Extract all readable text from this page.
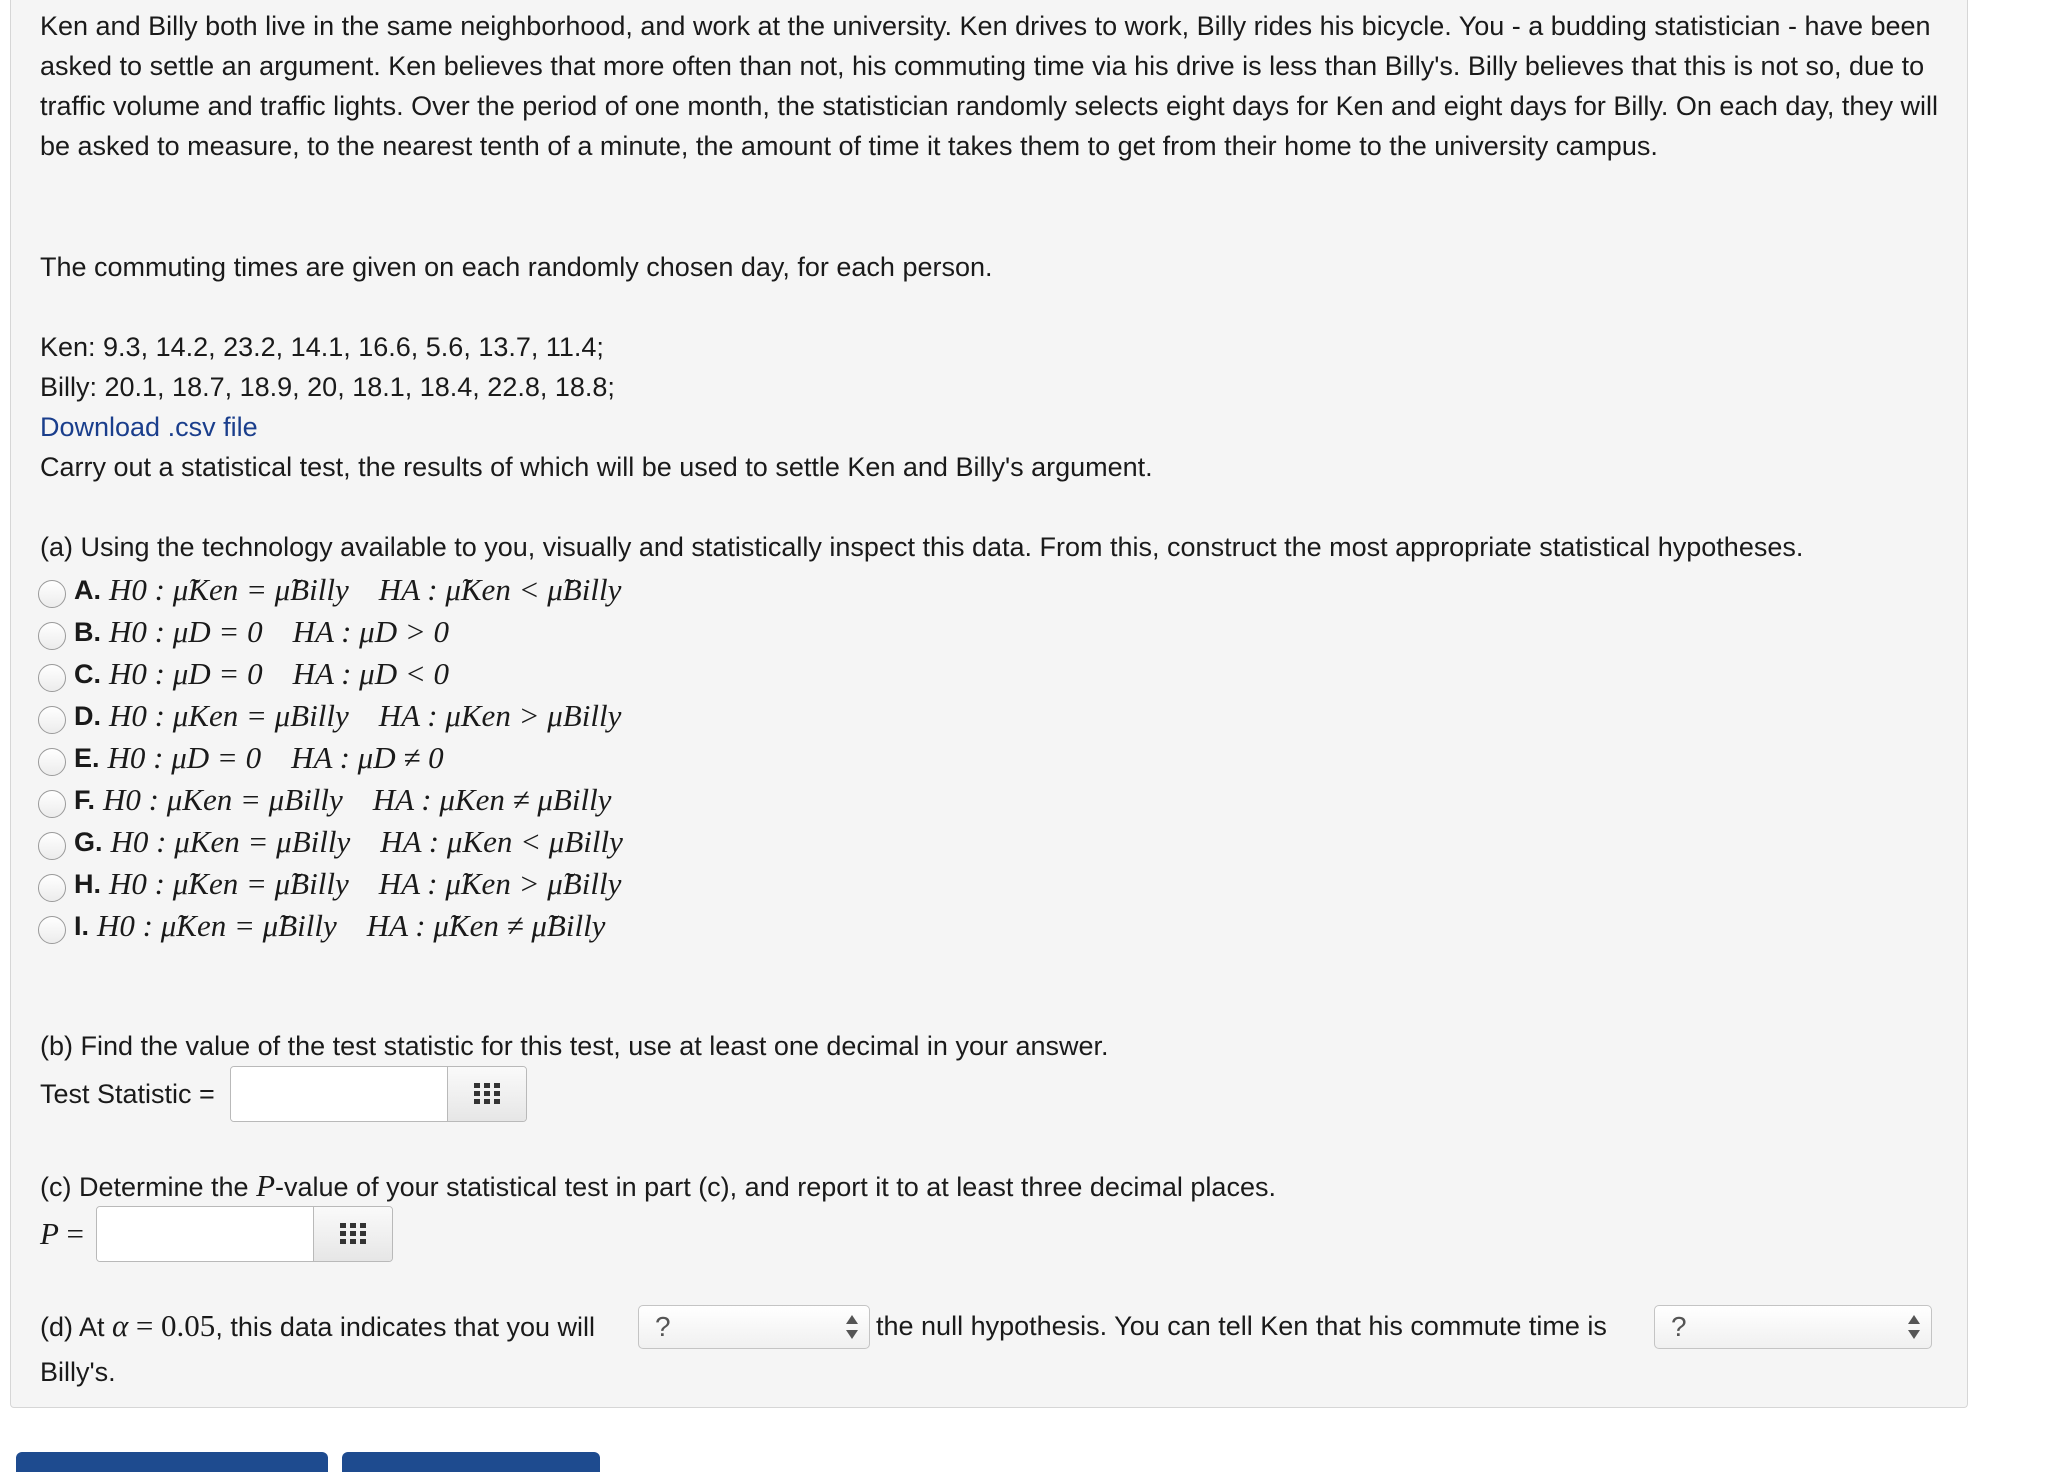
Ken and Billy both live in the same neighborhood, and work at the university. Ken drives to work, Billy rides his bicycle. You - a budding statistician - have been asked to settle an argument. Ken believes that more often than not, his commuting time via his drive is less than Billy's. Billy believes that this is not so, due to traffic volume and traffic lights. Over the period of one month, the statistician randomly selects eight days for Ken and eight days for Billy. On each day, they will be asked to measure, to the nearest tenth of a minute, the amount of time it takes them to get from their home to the university campus.

The commuting times are given on each randomly chosen day, for each person.

Ken: 9.3, 14.2, 23.2, 14.1, 16.6, 5.6, 13.7, 11.4;

Billy: 20.1, 18.7, 18.9, 20, 18.1, 18.4, 22.8, 18.8;

Download .csv file

Carry out a statistical test, the results of which will be used to settle Ken and Billy's argument.

(a) Using the technology available to you, visually and statistically inspect this data. From this, construct the most appropriate statistical hypotheses.

A. H0 : μ̃Ken = μ̃Billy HA : μ̃Ken < μ̃Billy
B. H0 : μD = 0 HA : μD > 0
C. H0 : μD = 0 HA : μD < 0
D. H0 : μKen = μBilly HA : μKen > μBilly
E. H0 : μD = 0 HA : μD ≠ 0
F. H0 : μKen = μBilly HA : μKen ≠ μBilly
G. H0 : μKen = μBilly HA : μKen < μBilly
H. H0 : μ̃Ken = μ̃Billy HA : μ̃Ken > μ̃Billy
I. H0 : μ̃Ken = μ̃Billy HA : μ̃Ken ≠ μ̃Billy

(b) Find the value of the test statistic for this test, use at least one decimal in your answer.

Test Statistic =

(c) Determine the P-value of your statistical test in part (c), and report it to at least three decimal places.

P =

(d) At α = 0.05, this data indicates that you will ?	the null hypothesis. You can tell Ken that his commute time is ?

Billy's.
